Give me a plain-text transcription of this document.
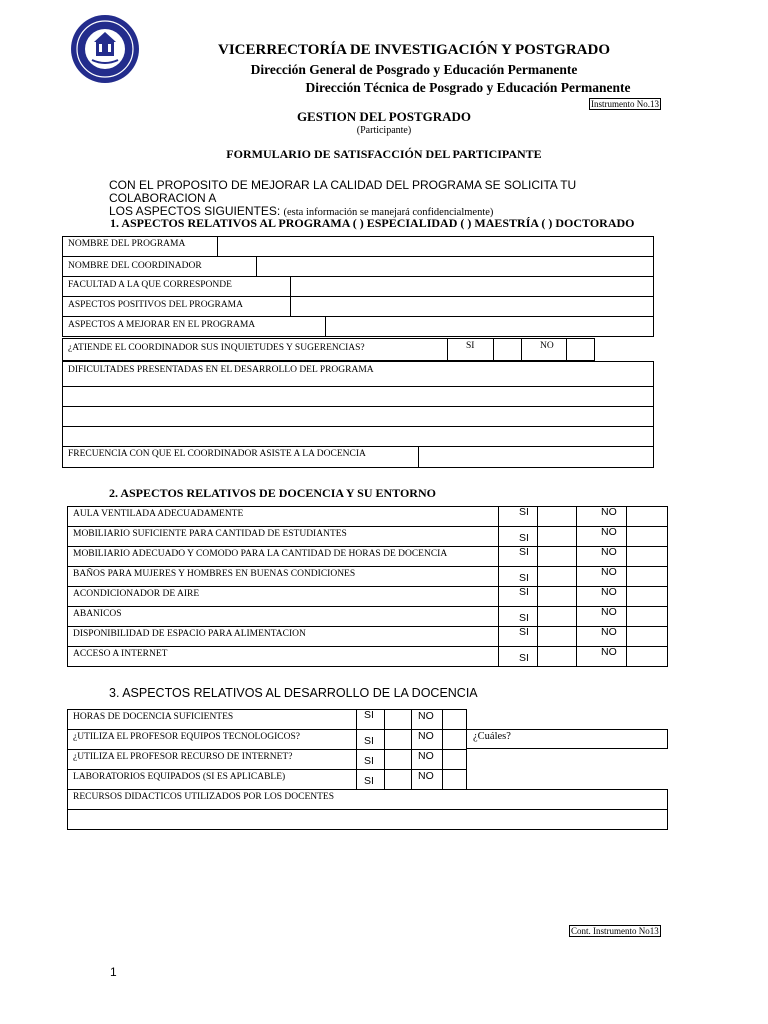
VICERRECTORÍA DE INVESTIGACIÓN Y POSTGRADO
Dirección General de Posgrado y Educación Permanente
Dirección Técnica de Posgrado y Educación Permanente
Instrumento No.13
GESTION DEL POSTGRADO
(Participante)
FORMULARIO DE SATISFACCIÓN DEL PARTICIPANTE
CON EL PROPOSITO DE MEJORAR LA CALIDAD DEL PROGRAMA SE SOLICITA TU COLABORACION A
LOS ASPECTOS SIGUIENTES: (esta información se manejará confidencialmente)
1. ASPECTOS RELATIVOS AL PROGRAMA ( ) ESPECIALIDAD ( ) MAESTRÍA ( ) DOCTORADO
NOMBRE DEL PROGRAMA
NOMBRE DEL COORDINADOR
FACULTAD A LA QUE CORRESPONDE
ASPECTOS POSITIVOS DEL PROGRAMA
ASPECTOS A MEJORAR EN EL PROGRAMA
¿ATIENDE EL COORDINADOR SUS INQUIETUDES Y SUGERENCIAS?	SI	NO
DIFICULTADES PRESENTADAS EN EL DESARROLLO DEL PROGRAMA
FRECUENCIA CON QUE EL COORDINADOR ASISTE A LA DOCENCIA
2. ASPECTOS RELATIVOS DE DOCENCIA Y SU ENTORNO
AULA VENTILADA ADECUADAMENTE	SI	NO
MOBILIARIO SUFICIENTE PARA CANTIDAD DE ESTUDIANTES	SI	NO
MOBILIARIO ADECUADO Y COMODO PARA LA CANTIDAD DE HORAS DE DOCENCIA	SI	NO
BAÑOS PARA MUJERES Y HOMBRES EN BUENAS CONDICIONES	SI	NO
ACONDICIONADOR DE AIRE	SI	NO
ABANICOS	SI	NO
DISPONIBILIDAD DE ESPACIO PARA ALIMENTACION	SI	NO
ACCESO A INTERNET	SI	NO
3. ASPECTOS RELATIVOS AL DESARROLLO DE LA DOCENCIA
HORAS DE DOCENCIA SUFICIENTES	SI	NO
¿UTILIZA EL PROFESOR EQUIPOS TECNOLOGICOS?	SI	NO
¿UTILIZA EL PROFESOR RECURSO DE INTERNET?	SI	NO
LABORATORIOS EQUIPADOS (SI ES APLICABLE)	SI	NO
¿Cuáles?
RECURSOS DIDACTICOS UTILIZADOS POR LOS DOCENTES
Cont. Instrumento No13
1
